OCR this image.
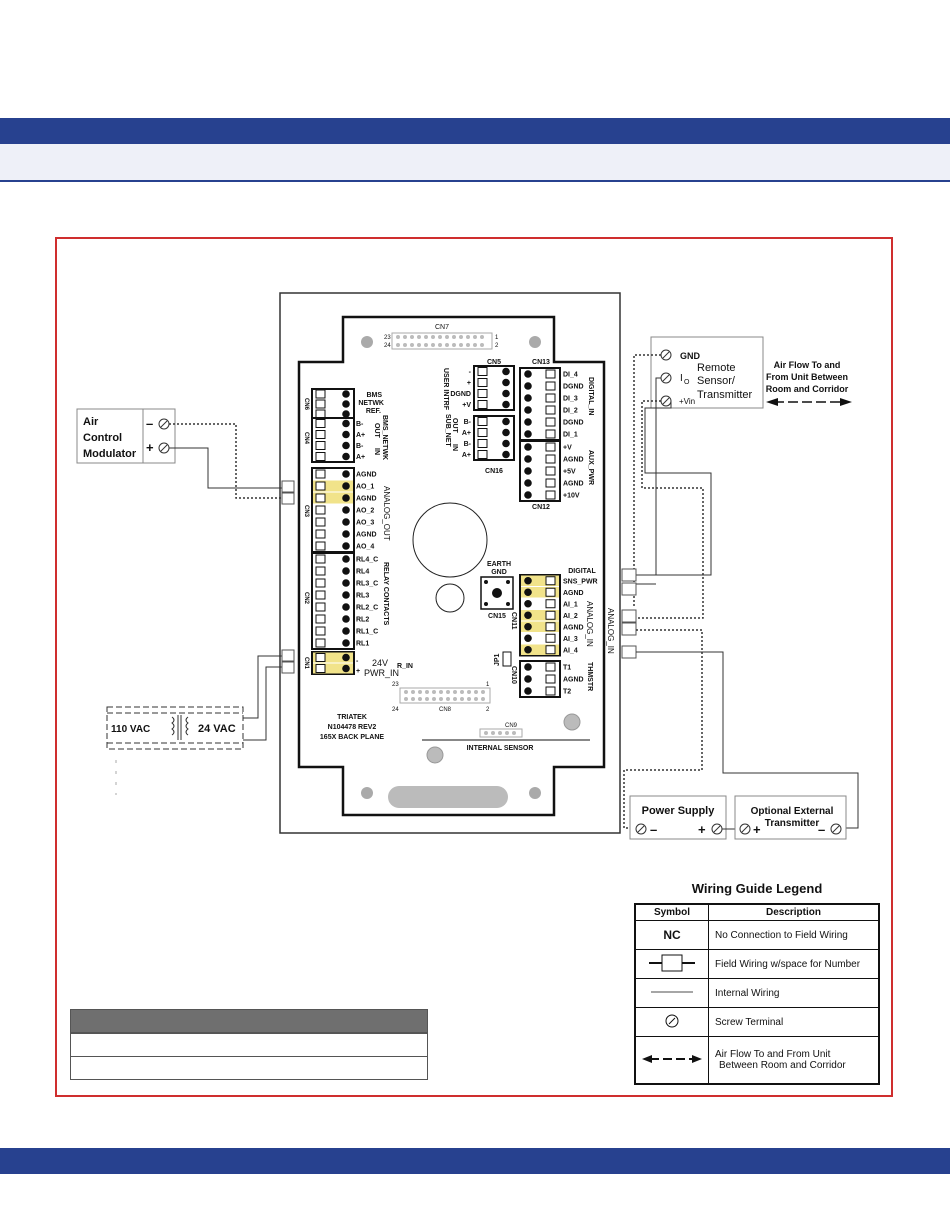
CN7
23
24
1
2
CN8
23
24
1
2
CN9
INTERNAL SENSOR
TRIATEK
N104478 REV2
165X BACK PLANE
EARTH
GND
CN15
JP1
B-
A+
B-
A+
AGND
AO_1
AGND
AO_2
AO_3
AGND
AO_4
RL4_C
RL4
RL3_C
RL3
RL2_C
RL2
RL1_C
RL1
DI_4
DGND
DI_3
DI_2
DGND
DI_1
+V
AGND
+5V
AGND
+10V
SNS_PWR
AGND
AI_1
AI_2
AGND
AI_3
AI_4
T1
AGND
T2
-
+
DGND
+V
B-
A+
B-
A+
BMS
NETWK
REF.
OUT
IN BMS_NETWK
ANALOG_OUT
RELAY CONTACTS
CN6
CN4
CN3
CN2
CN1	-
+
24V
PWR_IN
R_IN
USER INTRF
SUB_NET OUT
IN
CN5
CN16
CN13
CN12
DIGITAL_IN
AUX_PWR
DIGITAL
ANALOG_IN ANALOG_IN
CN11
CN10	THMSTR
Air
Control
Modulator
–
+
110 VAC	24 VAC
GND
I O
+Vin
Remote
Sensor/
Transmitter
Air Flow To and
From Unit Between
Room and Corridor
Power Supply
–	+
Optional External
Transmitter
+	–
Wiring Guide Legend
Symbol	Description
NC	No Connection to Field Wiring
	Field Wiring w/space for Number
	Internal Wiring
	Screw Terminal

Air Flow To and From Unit
Between Room and Corridor
